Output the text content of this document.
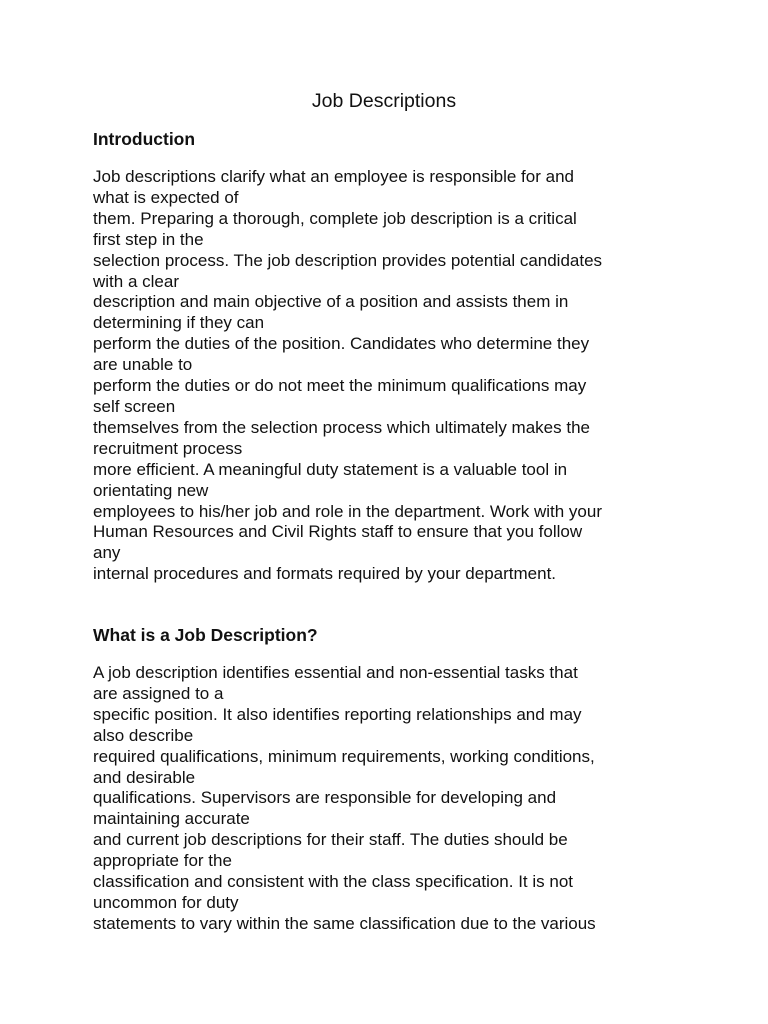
Job Descriptions
Introduction
Job descriptions clarify what an employee is responsible for and
what is expected of
them. Preparing a thorough, complete job description is a critical
first step in the
selection process. The job description provides potential candidates
with a clear
description and main objective of a position and assists them in
determining if they can
perform the duties of the position. Candidates who determine they
are unable to
perform the duties or do not meet the minimum qualifications may
self screen
themselves from the selection process which ultimately makes the
recruitment process
more efficient. A meaningful duty statement is a valuable tool in
orientating new
employees to his/her job and role in the department. Work with your
Human Resources and Civil Rights staff to ensure that you follow
any
internal procedures and formats required by your department.
What is a Job Description?
A job description identifies essential and non-essential tasks that
are assigned to a
specific position. It also identifies reporting relationships and may
also describe
required qualifications, minimum requirements, working conditions,
and desirable
qualifications. Supervisors are responsible for developing and
maintaining accurate
and current job descriptions for their staff. The duties should be
appropriate for the
classification and consistent with the class specification. It is not
uncommon for duty
statements to vary within the same classification due to the various
